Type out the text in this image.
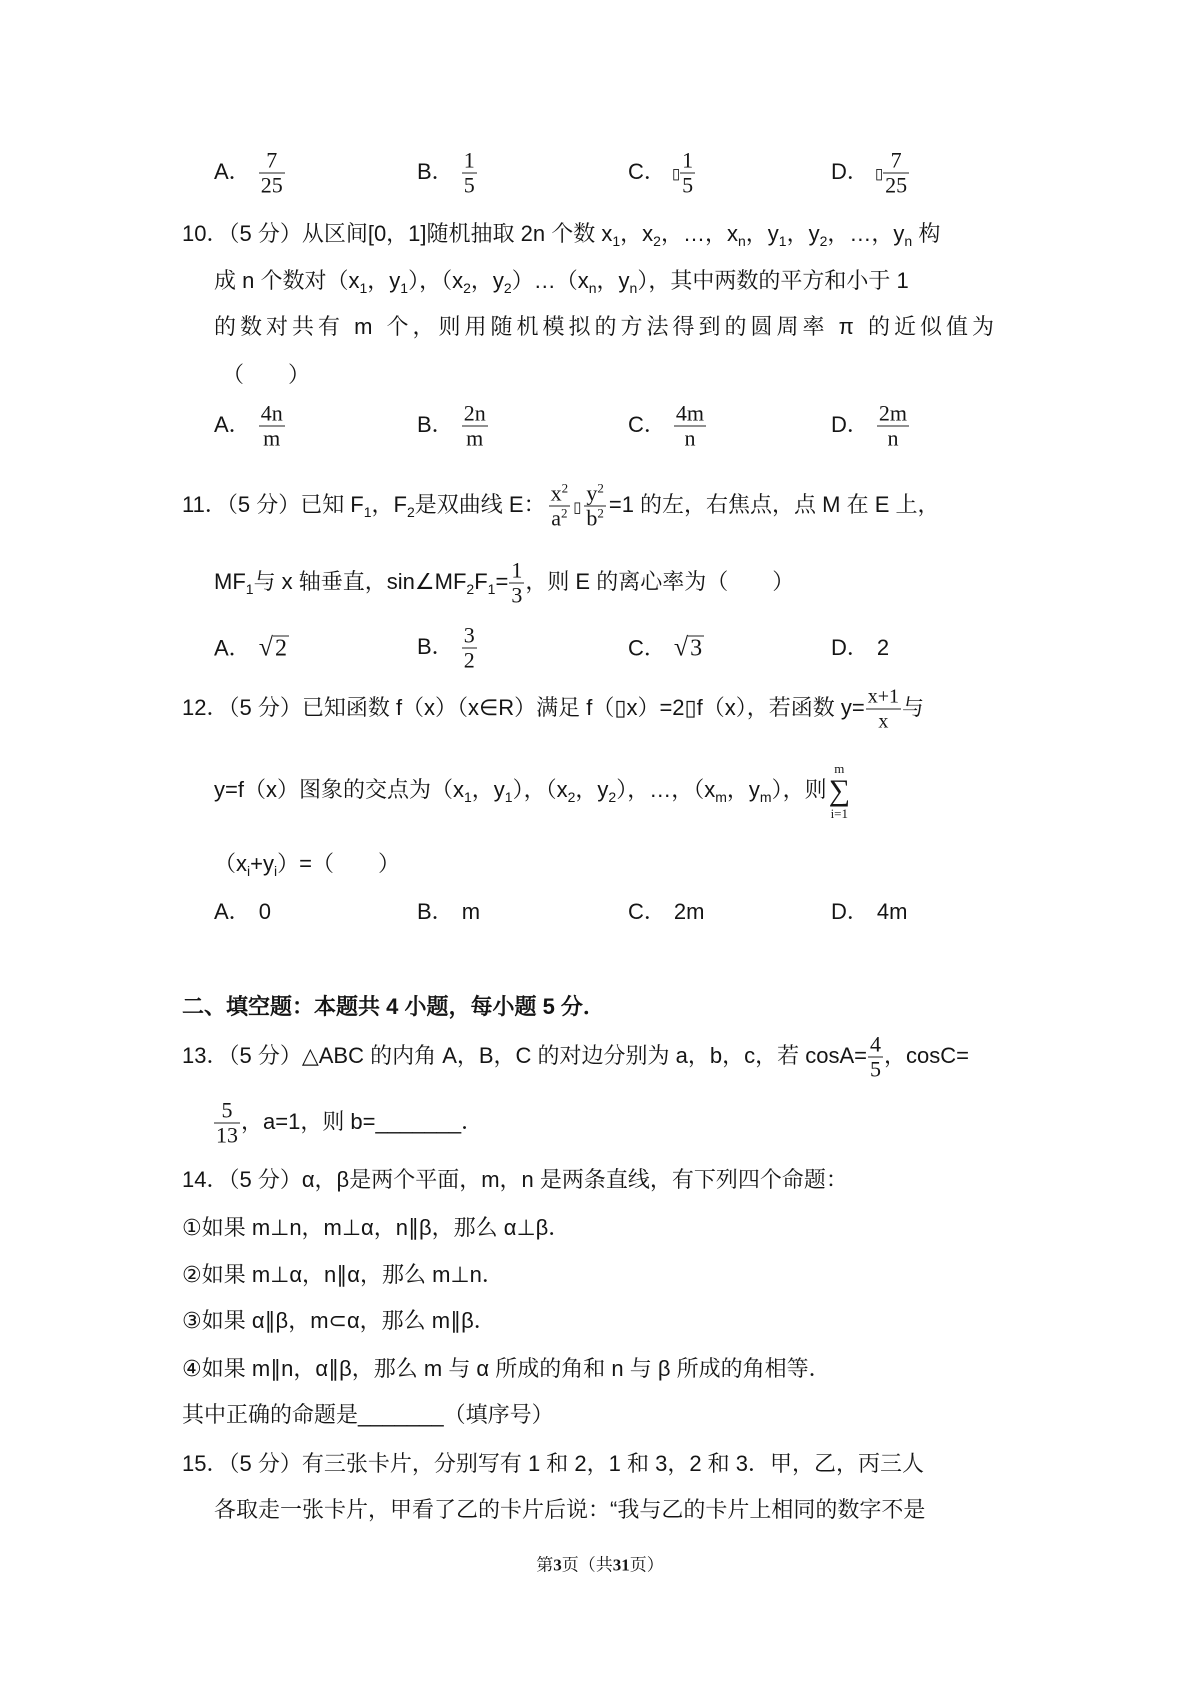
A． $\frac{7}{25}$	B． $\frac{1}{5}$	C． ▯ $\frac{1}{5}$	D． ▯ $\frac{7}{25}$
10．（5 分）从区间[0，1]随机抽取 2n 个数 $x_1$，$x_2$，…，$x_n$，$y_1$，$y_2$，…，$y_n$ 构
成 n 个数对（$x_1$，$y_1$），（$x_2$，$y_2)\dots(x_n$，$y_n$），其中两数的平方和小于 1
的数对共有 m 个，则用随机模拟的方法得到的圆周率 π 的近似值为
（　　）
A． $\frac{4n}{m}$	B． $\frac{2n}{m}$	C． $\frac{4m}{n}$	D． $\frac{2m}{n}$
11．（5 分）已知 $F_1$，$F_2$是双曲线 E： $\frac{x^2}{a^2}$ ▯ $\frac{y^2}{b^2} =1$ 的左，右焦点，点 M 在 E 上，
$MF_1$与 x 轴垂直，$\sin\angle MF_2F_1= \frac{1}{3}$ ，则 E 的离心率为（　　）
A． √2	B． $\frac{3}{2}$	C． √3	D． 2
12．（5 分）已知函数 f（x）（x∈R）满足 f（▯x）=2▯f（x），若函数 $y= \frac{x+1}{x}$ 与
y=f（x）图象的交点为（$x_1$，$y_1$），（$x_2$，$y_2$），…，（$x_m$，$y_m$），则
m
∑
i=1
$(x_i+y_i)=$（　　）
A． 0	B． m	C． 2m	D． 4m
二、填空题：本题共 4 小题，每小题 5 分．
13．（5 分）△ABC 的内角 A，B，C 的对边分别为 a，b，c，若 $\cos A= \frac{4}{5}$ ，cosC=
$\frac{5}{13}$ ，a=1，则 b=_______．
14．（5 分）α，β是两个平面，m，n 是两条直线，有下列四个命题：
①如果 m⊥n，m⊥α，n∥β，那么 α⊥β．
②如果 m⊥α，n∥α，那么 m⊥n．
③如果 α∥β，m⊂α，那么 m∥β．
④如果 m∥n，α∥β，那么 m 与 α 所成的角和 n 与 β 所成的角相等．
其中正确的命题是_______（填序号）
15．（5 分）有三张卡片，分别写有 1 和 2，1 和 3，2 和 3．甲，乙，丙三人
各取走一张卡片，甲看了乙的卡片后说：“我与乙的卡片上相同的数字不是
第3页（共31页）
